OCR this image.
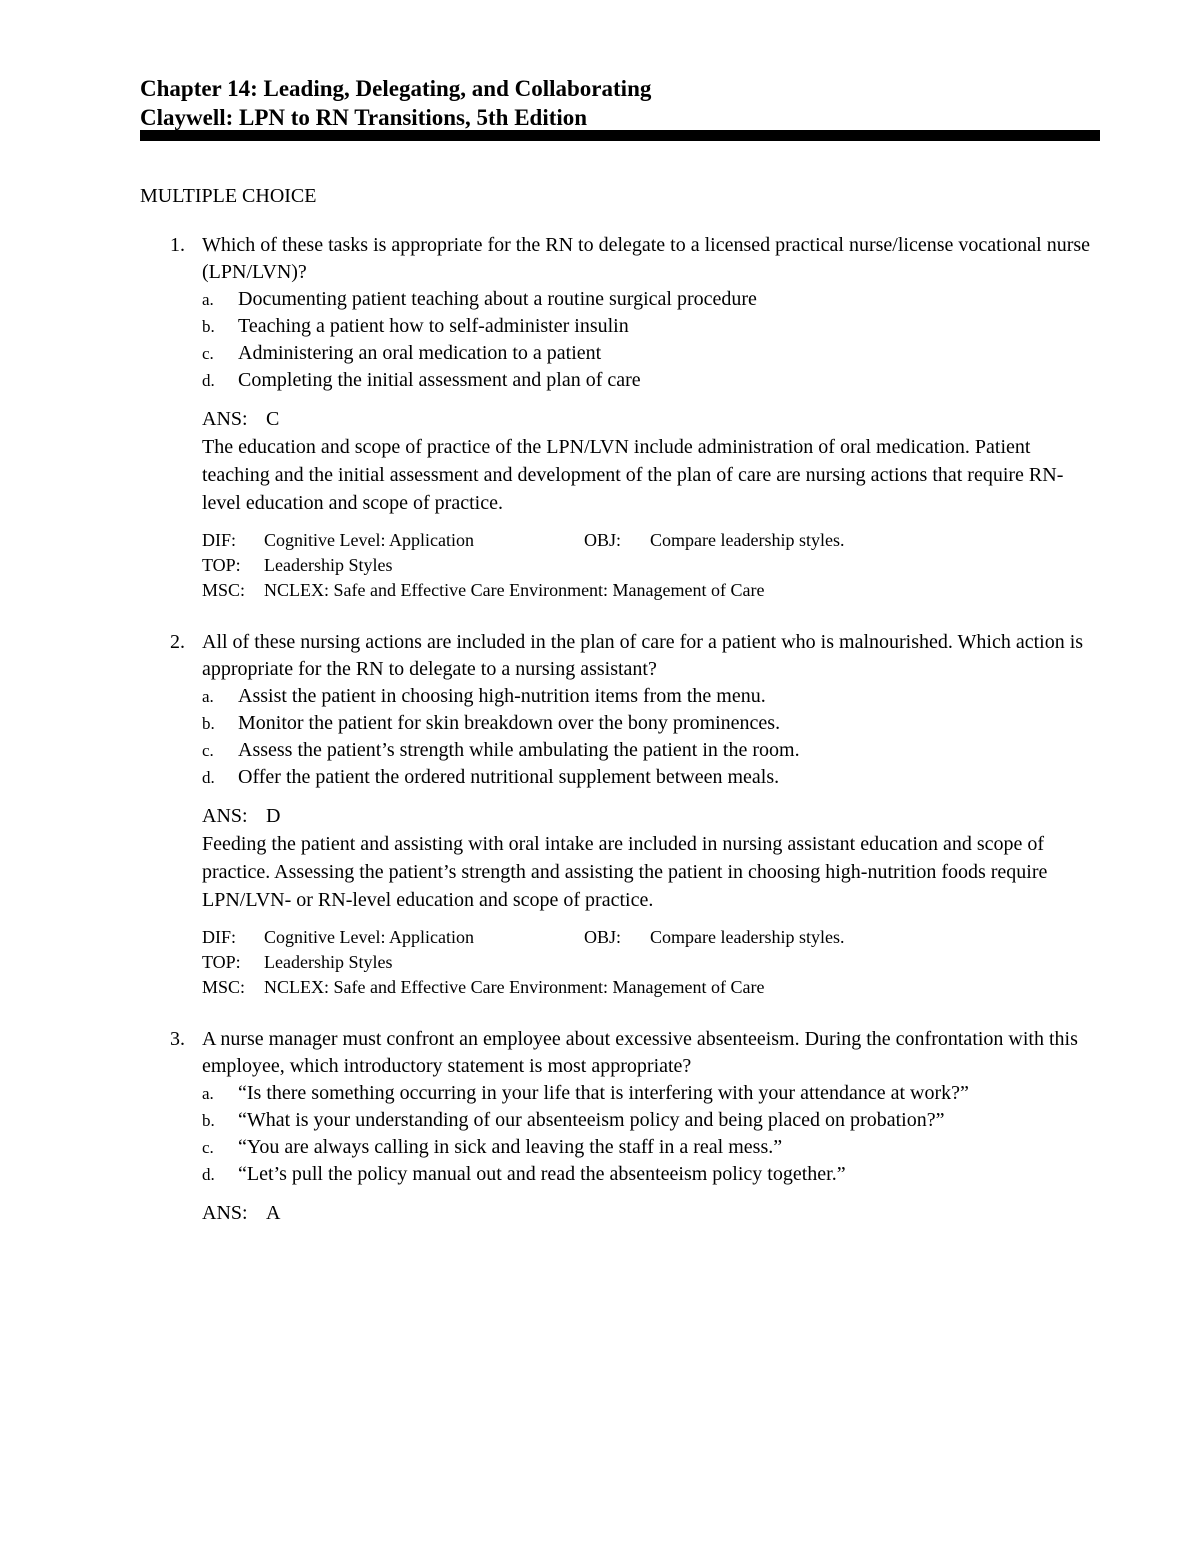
Chapter 14: Leading, Delegating, and Collaborating
Claywell: LPN to RN Transitions, 5th Edition
MULTIPLE CHOICE
1. Which of these tasks is appropriate for the RN to delegate to a licensed practical nurse/license vocational nurse (LPN/LVN)?
a. Documenting patient teaching about a routine surgical procedure
b. Teaching a patient how to self-administer insulin
c. Administering an oral medication to a patient
d. Completing the initial assessment and plan of care
ANS: C
The education and scope of practice of the LPN/LVN include administration of oral medication. Patient teaching and the initial assessment and development of the plan of care are nursing actions that require RN-level education and scope of practice.
DIF: Cognitive Level: Application	OBJ: Compare leadership styles.
TOP: Leadership Styles
MSC: NCLEX: Safe and Effective Care Environment: Management of Care
2. All of these nursing actions are included in the plan of care for a patient who is malnourished. Which action is appropriate for the RN to delegate to a nursing assistant?
a. Assist the patient in choosing high-nutrition items from the menu.
b. Monitor the patient for skin breakdown over the bony prominences.
c. Assess the patient’s strength while ambulating the patient in the room.
d. Offer the patient the ordered nutritional supplement between meals.
ANS: D
Feeding the patient and assisting with oral intake are included in nursing assistant education and scope of practice. Assessing the patient’s strength and assisting the patient in choosing high-nutrition foods require LPN/LVN- or RN-level education and scope of practice.
DIF: Cognitive Level: Application	OBJ: Compare leadership styles.
TOP: Leadership Styles
MSC: NCLEX: Safe and Effective Care Environment: Management of Care
3. A nurse manager must confront an employee about excessive absenteeism. During the confrontation with this employee, which introductory statement is most appropriate?
a. “Is there something occurring in your life that is interfering with your attendance at work?”
b. “What is your understanding of our absenteeism policy and being placed on probation?”
c. “You are always calling in sick and leaving the staff in a real mess.”
d. “Let’s pull the policy manual out and read the absenteeism policy together.”
ANS: A
